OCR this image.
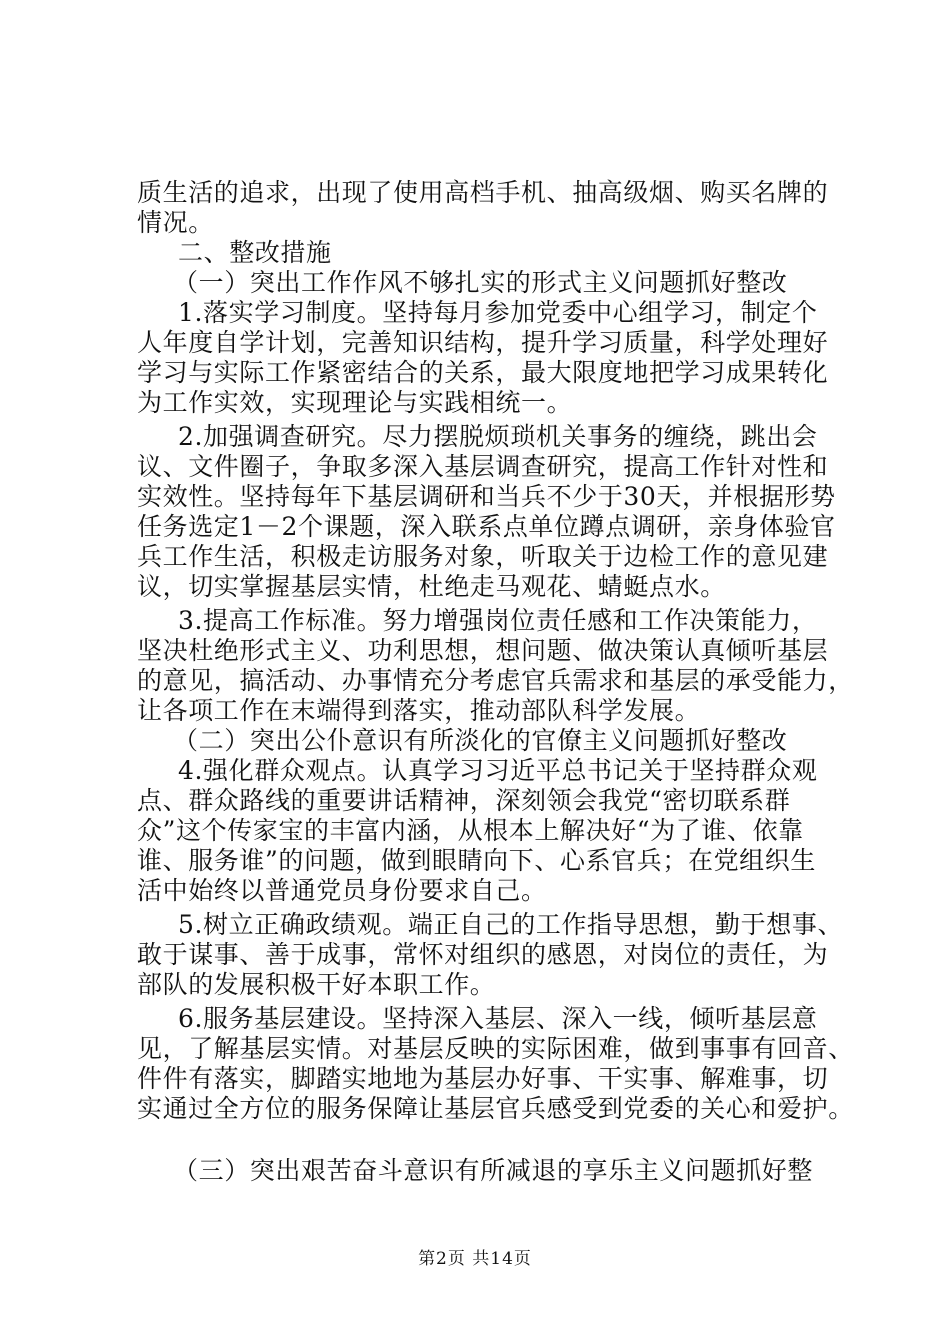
质生活的追求，出现了使用高档手机、抽高级烟、购买名牌的
情况。
二、整改措施
（一）突出工作作风不够扎实的形式主义问题抓好整改
1.落实学习制度。坚持每月参加党委中心组学习，制定个
人年度自学计划，完善知识结构，提升学习质量，科学处理好
学习与实际工作紧密结合的关系，最大限度地把学习成果转化
为工作实效，实现理论与实践相统一。
2.加强调查研究。尽力摆脱烦琐机关事务的缠绕，跳出会
议、文件圈子，争取多深入基层调查研究，提高工作针对性和
实效性。坚持每年下基层调研和当兵不少于30天，并根据形势
任务选定1－2个课题，深入联系点单位蹲点调研，亲身体验官
兵工作生活，积极走访服务对象，听取关于边检工作的意见建
议，切实掌握基层实情，杜绝走马观花、蜻蜓点水。
3.提高工作标准。努力增强岗位责任感和工作决策能力，
坚决杜绝形式主义、功利思想，想问题、做决策认真倾听基层
的意见，搞活动、办事情充分考虑官兵需求和基层的承受能力，
让各项工作在末端得到落实，推动部队科学发展。
（二）突出公仆意识有所淡化的官僚主义问题抓好整改
4.强化群众观点。认真学习习近平总书记关于坚持群众观
点、群众路线的重要讲话精神，深刻领会我党“密切联系群
众”这个传家宝的丰富内涵，从根本上解决好“为了谁、依靠
谁、服务谁”的问题，做到眼睛向下、心系官兵；在党组织生
活中始终以普通党员身份要求自己。
5.树立正确政绩观。端正自己的工作指导思想，勤于想事、
敢于谋事、善于成事，常怀对组织的感恩，对岗位的责任，为
部队的发展积极干好本职工作。
6.服务基层建设。坚持深入基层、深入一线，倾听基层意
见，了解基层实情。对基层反映的实际困难，做到事事有回音、
件件有落实，脚踏实地地为基层办好事、干实事、解难事，切
实通过全方位的服务保障让基层官兵感受到党委的关心和爱护。
（三）突出艰苦奋斗意识有所减退的享乐主义问题抓好整
第2页 共14页
